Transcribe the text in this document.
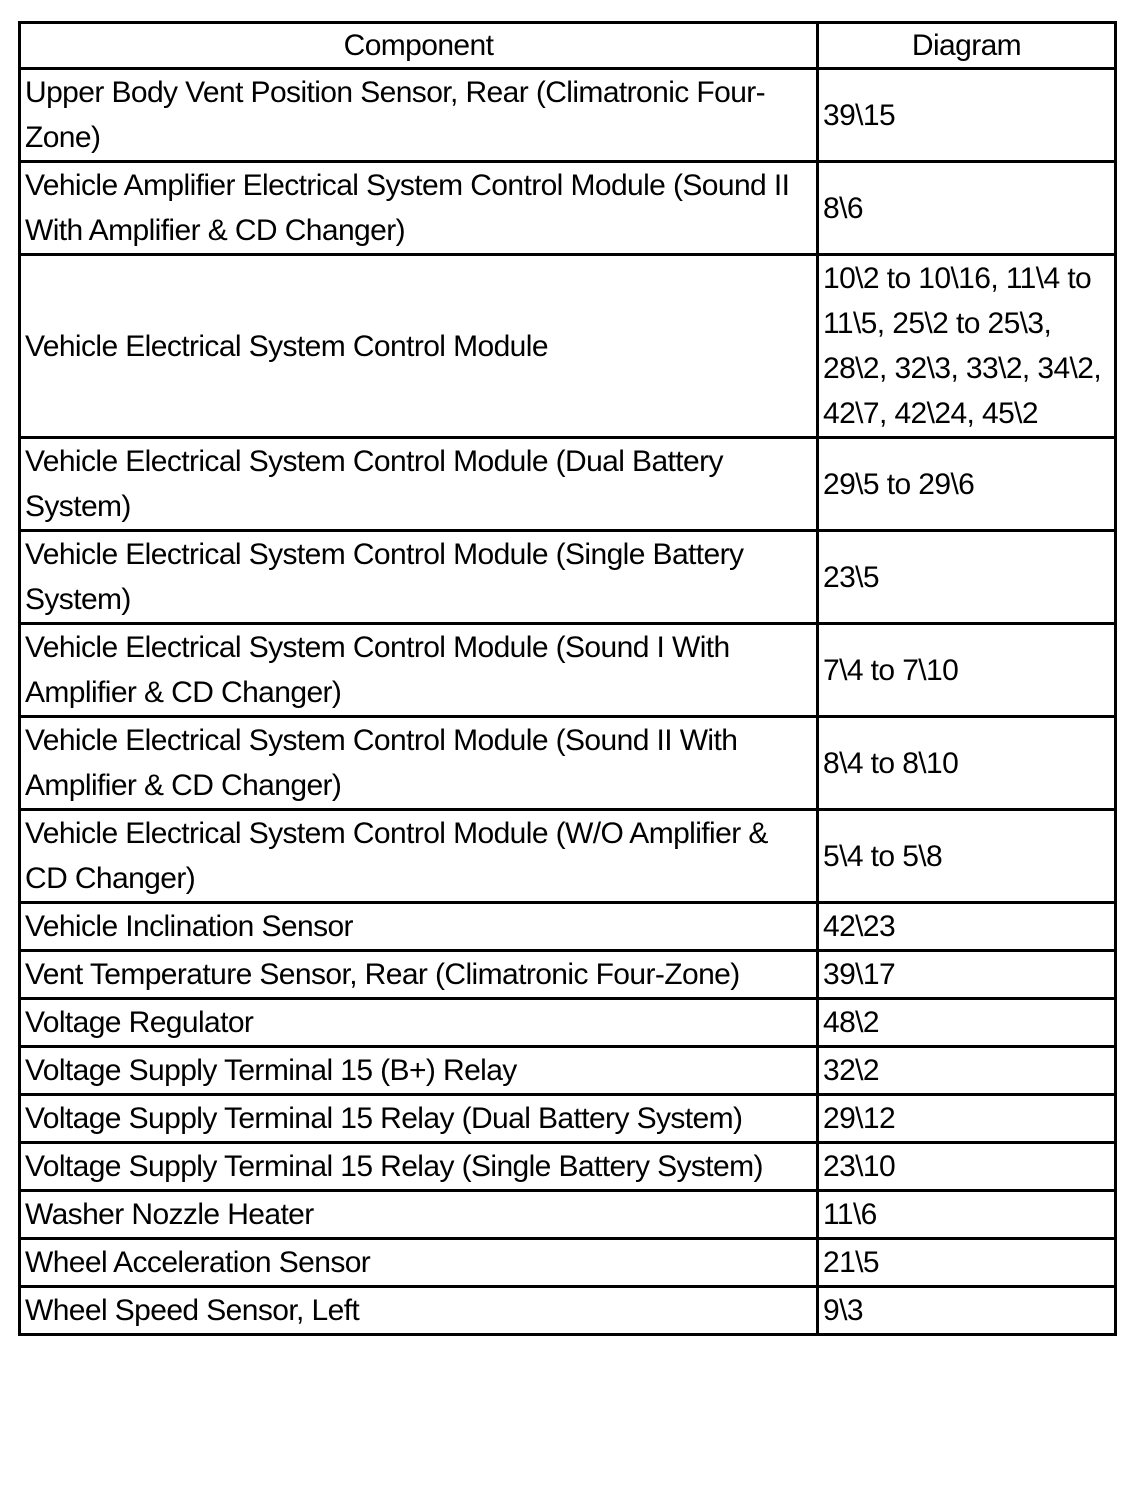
Component	Diagram
Upper Body Vent Position Sensor, Rear (Climatronic Four-Zone)	39\15
Vehicle Amplifier Electrical System Control Module (Sound II With Amplifier & CD Changer)	8\6
Vehicle Electrical System Control Module	10\2 to 10\16, 11\4 to 11\5, 25\2 to 25\3, 28\2, 32\3, 33\2, 34\2, 42\7, 42\24, 45\2
Vehicle Electrical System Control Module (Dual Battery System)	29\5 to 29\6
Vehicle Electrical System Control Module (Single Battery System)	23\5
Vehicle Electrical System Control Module (Sound I With Amplifier & CD Changer)	7\4 to 7\10
Vehicle Electrical System Control Module (Sound II With Amplifier & CD Changer)	8\4 to 8\10
Vehicle Electrical System Control Module (W/O Amplifier & CD Changer)	5\4 to 5\8
Vehicle Inclination Sensor	42\23
Vent Temperature Sensor, Rear (Climatronic Four-Zone)	39\17
Voltage Regulator	48\2
Voltage Supply Terminal 15 (B+) Relay	32\2
Voltage Supply Terminal 15 Relay (Dual Battery System)	29\12
Voltage Supply Terminal 15 Relay (Single Battery System)	23\10
Washer Nozzle Heater	11\6
Wheel Acceleration Sensor	21\5
Wheel Speed Sensor, Left	9\3
